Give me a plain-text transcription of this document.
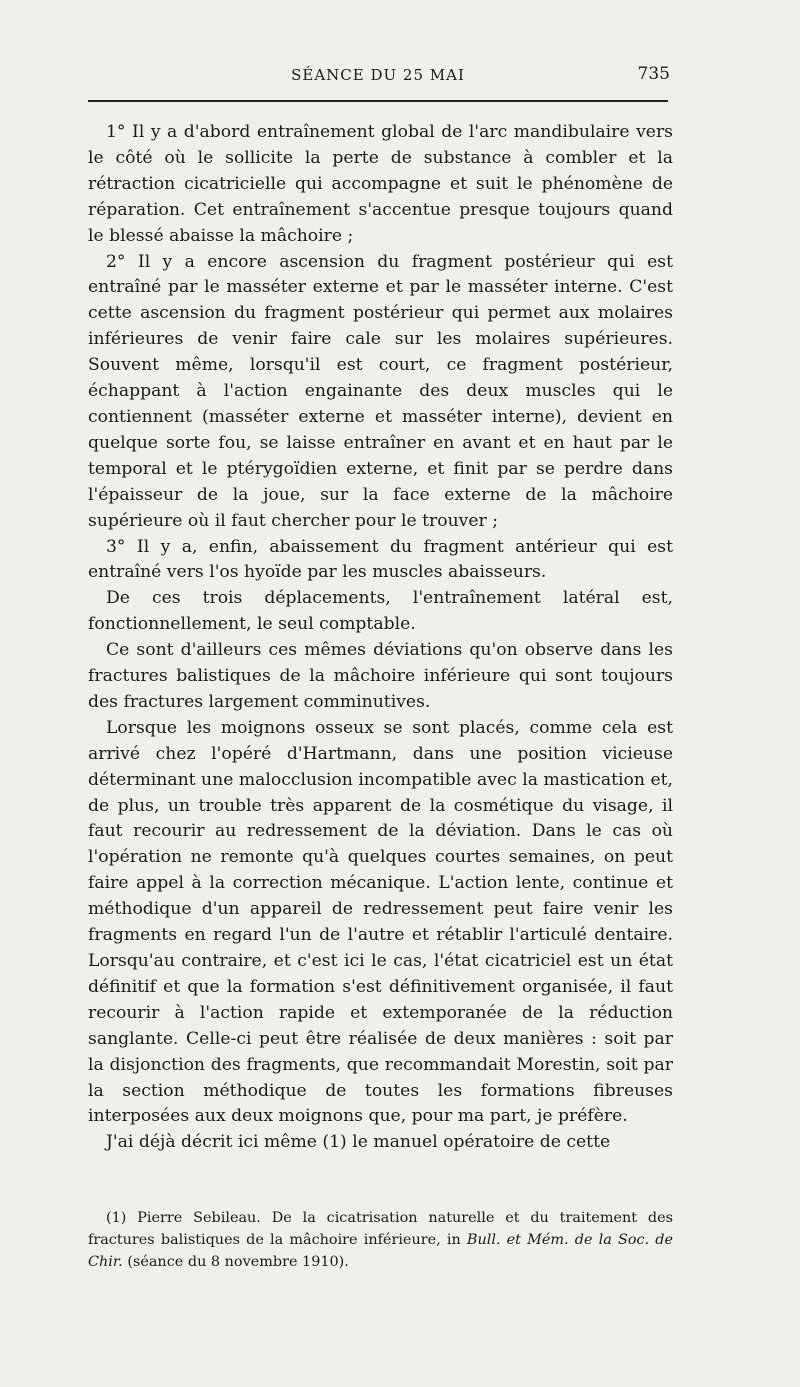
SÉANCE DU 25 MAI	735

1° Il y a d'abord entraînement global de l'arc mandibulaire vers le côté où le sollicite la perte de substance à combler et la rétraction cicatricielle qui accompagne et suit le phénomène de réparation. Cet entraînement s'accentue presque toujours quand le blessé abaisse la mâchoire ;

2° Il y a encore ascension du fragment postérieur qui est entraîné par le masséter externe et par le masséter interne. C'est cette ascension du fragment postérieur qui permet aux molaires inférieures de venir faire cale sur les molaires supérieures. Souvent même, lorsqu'il est court, ce fragment postérieur, échappant à l'action engainante des deux muscles qui le contiennent (masséter externe et masséter interne), devient en quelque sorte fou, se laisse entraîner en avant et en haut par le temporal et le ptérygoïdien externe, et finit par se perdre dans l'épaisseur de la joue, sur la face externe de la mâchoire supérieure où il faut chercher pour le trouver ;

3° Il y a, enfin, abaissement du fragment antérieur qui est entraîné vers l'os hyoïde par les muscles abaisseurs.

De ces trois déplacements, l'entraînement latéral est, fonctionnellement, le seul comptable.

Ce sont d'ailleurs ces mêmes déviations qu'on observe dans les fractures balistiques de la mâchoire inférieure qui sont toujours des fractures largement comminutives.

Lorsque les moignons osseux se sont placés, comme cela est arrivé chez l'opéré d'Hartmann, dans une position vicieuse déterminant une malocclusion incompatible avec la mastication et, de plus, un trouble très apparent de la cosmétique du visage, il faut recourir au redressement de la déviation. Dans le cas où l'opération ne remonte qu'à quelques courtes semaines, on peut faire appel à la correction mécanique. L'action lente, continue et méthodique d'un appareil de redressement peut faire venir les fragments en regard l'un de l'autre et rétablir l'articulé dentaire. Lorsqu'au contraire, et c'est ici le cas, l'état cicatriciel est un état définitif et que la formation s'est définitivement organisée, il faut recourir à l'action rapide et extemporanée de la réduction sanglante. Celle-ci peut être réalisée de deux manières : soit par la disjonction des fragments, que recommandait Morestin, soit par la section méthodique de toutes les formations fibreuses interposées aux deux moignons que, pour ma part, je préfère.

J'ai déjà décrit ici même (1) le manuel opératoire de cette

(1) Pierre Sebileau. De la cicatrisation naturelle et du traitement des fractures balistiques de la mâchoire inférieure, in Bull. et Mém. de la Soc. de Chir. (séance du 8 novembre 1910).
